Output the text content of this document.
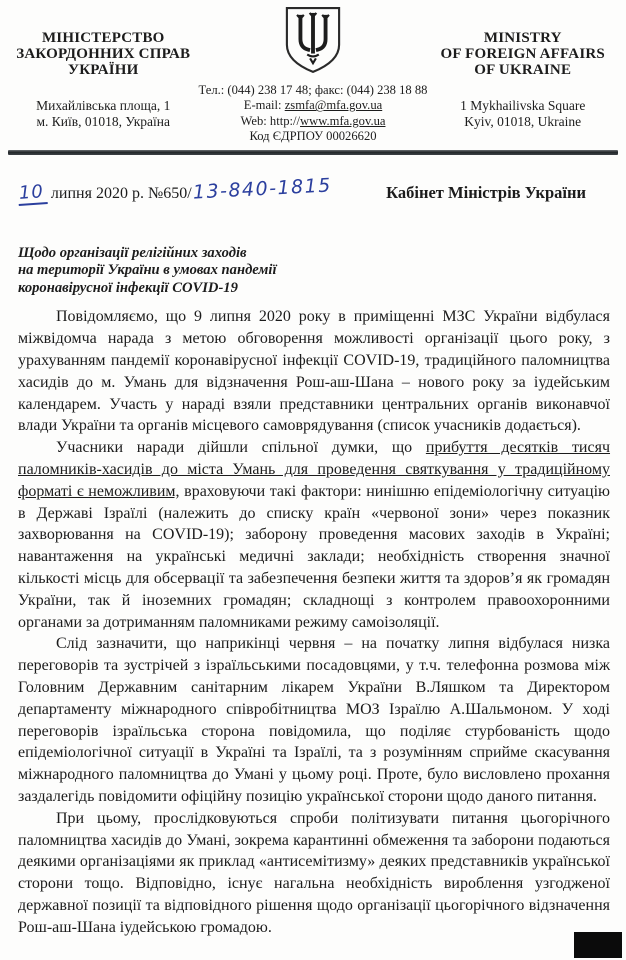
МІНІСТЕРСТВО
ЗАКОРДОННИХ СПРАВ
УКРАЇНИ
Михайлівська площа, 1
м. Київ, 01018, Україна
Тел.: (044) 238 17 48; факс: (044) 238 18 88
E-mail: zsmfa@mfa.gov.ua
Web: http://www.mfa.gov.ua
Код ЄДРПОУ 00026620
MINISTRY
OF FOREIGN AFFAIRS
OF UKRAINE
1 Mykhailivska Square
Kyiv, 01018, Ukraine
10 липня 2020 р. №650/ 13-840-1815	Кабінет Міністрів України
Щодо організації релігійних заходів
на території України в умовах пандемії
коронавірусної інфекції COVID-19

Повідомляємо, що 9 липня 2020 року в приміщенні МЗС України відбулася міжвідомча нарада з метою обговорення можливості організації цього року, з урахуванням пандемії коронавірусної інфекції COVID-19, традиційного паломництва хасидів до м. Умань для відзначення Рош-аш-Шана – нового року за іудейським календарем. Участь у нараді взяли представники центральних органів виконавчої влади України та органів місцевого самоврядування (список учасників додається).

Учасники наради дійшли спільної думки, що прибуття десятків тисяч паломників-хасидів до міста Умань для проведення святкування у традиційному форматі є неможливим, враховуючи такі фактори: нинішню епідеміологічну ситуацію в Державі Ізраїлі (належить до списку країн «червоної зони» через показник захворювання на COVID-19); заборону проведення масових заходів в Україні; навантаження на українські медичні заклади; необхідність створення значної кількості місць для обсервації та забезпечення безпеки життя та здоров’я як громадян України, так й іноземних громадян; складнощі з контролем правоохоронними органами за дотриманням паломниками режиму самоізоляції.

Слід зазначити, що наприкінці червня – на початку липня відбулася низка переговорів та зустрічей з ізраїльськими посадовцями, у т.ч. телефонна розмова між Головним Державним санітарним лікарем України В.Ляшком та Директором департаменту міжнародного співробітництва МОЗ Ізраїлю А.Шальмоном. У ході переговорів ізраїльська сторона повідомила, що поділяє стурбованість щодо епідеміологічної ситуації в Україні та Ізраїлі, та з розумінням сприйме скасування міжнародного паломництва до Умані у цьому році. Проте, було висловлено прохання заздалегідь повідомити офіційну позицію української сторони щодо даного питання.

При цьому, прослідковуються спроби політизувати питання цьогорічного паломництва хасидів до Умані, зокрема карантинні обмеження та заборони подаються деякими організаціями як приклад «антисемітизму» деяких представників української сторони тощо. Відповідно, існує нагальна необхідність вироблення узгодженої державної позиції та відповідного рішення щодо організації цьогорічного відзначення Рош-аш-Шана іудейською громадою.
